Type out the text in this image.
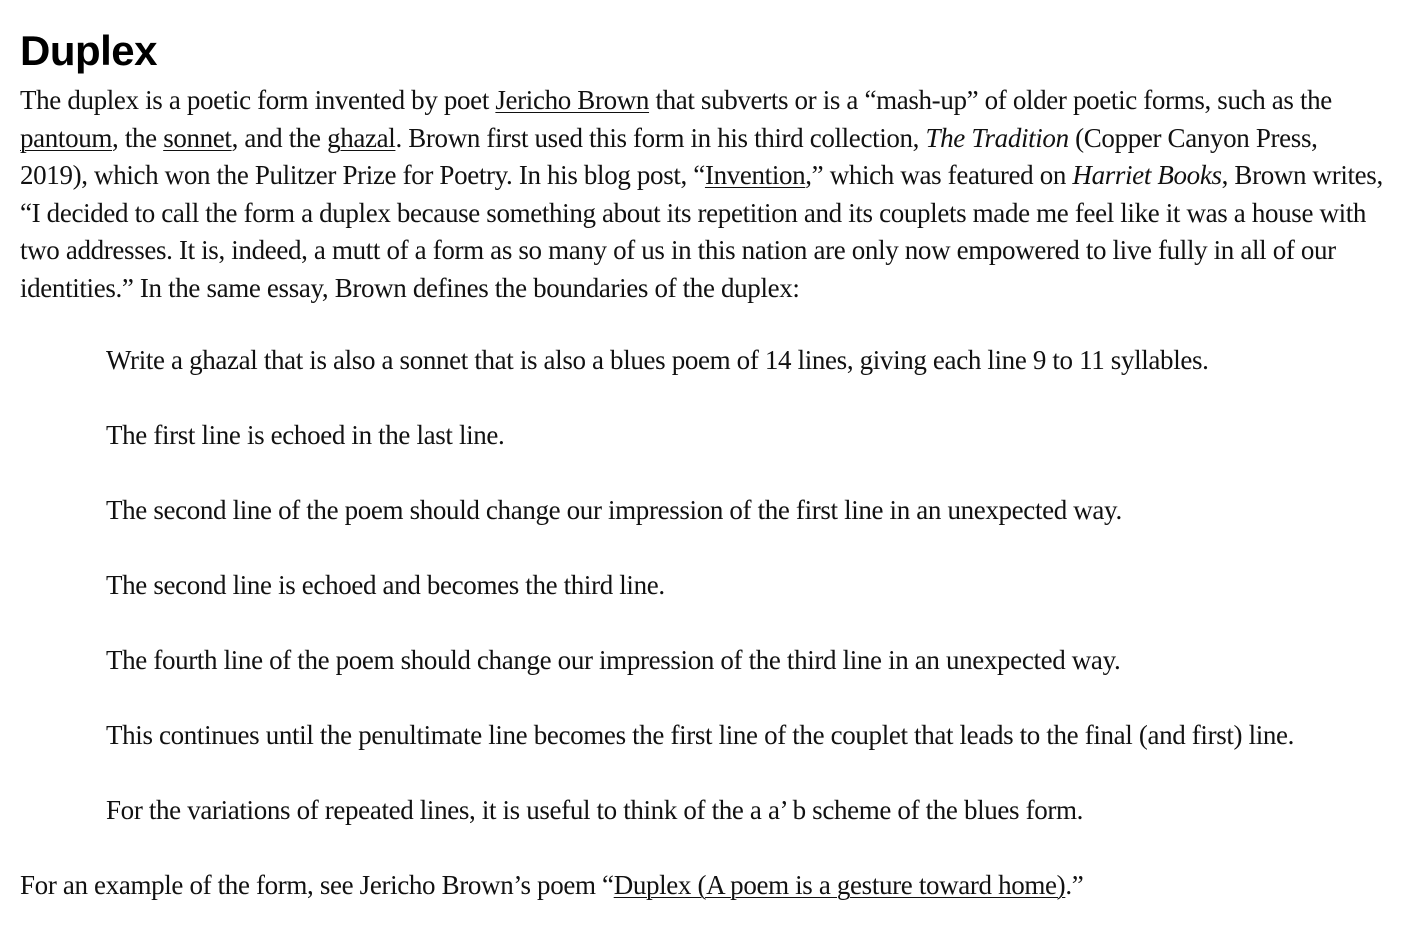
Duplex

The duplex is a poetic form invented by poet Jericho Brown that subverts or is a “mash-up” of older poetic forms, such as the pantoum, the sonnet, and the ghazal. Brown first used this form in his third collection, The Tradition (Copper Canyon Press, 2019), which won the Pulitzer Prize for Poetry. In his blog post, “Invention,” which was featured on Harriet Books, Brown writes, “I decided to call the form a duplex because something about its repetition and its couplets made me feel like it was a house with two addresses. It is, indeed, a mutt of a form as so many of us in this nation are only now empowered to live fully in all of our identities.” In the same essay, Brown defines the boundaries of the duplex:

Write a ghazal that is also a sonnet that is also a blues poem of 14 lines, giving each line 9 to 11 syllables.

The first line is echoed in the last line.

The second line of the poem should change our impression of the first line in an unexpected way.

The second line is echoed and becomes the third line.

The fourth line of the poem should change our impression of the third line in an unexpected way.

This continues until the penultimate line becomes the first line of the couplet that leads to the final (and first) line.

For the variations of repeated lines, it is useful to think of the a a’ b scheme of the blues form.

For an example of the form, see Jericho Brown’s poem “Duplex (A poem is a gesture toward home).”
